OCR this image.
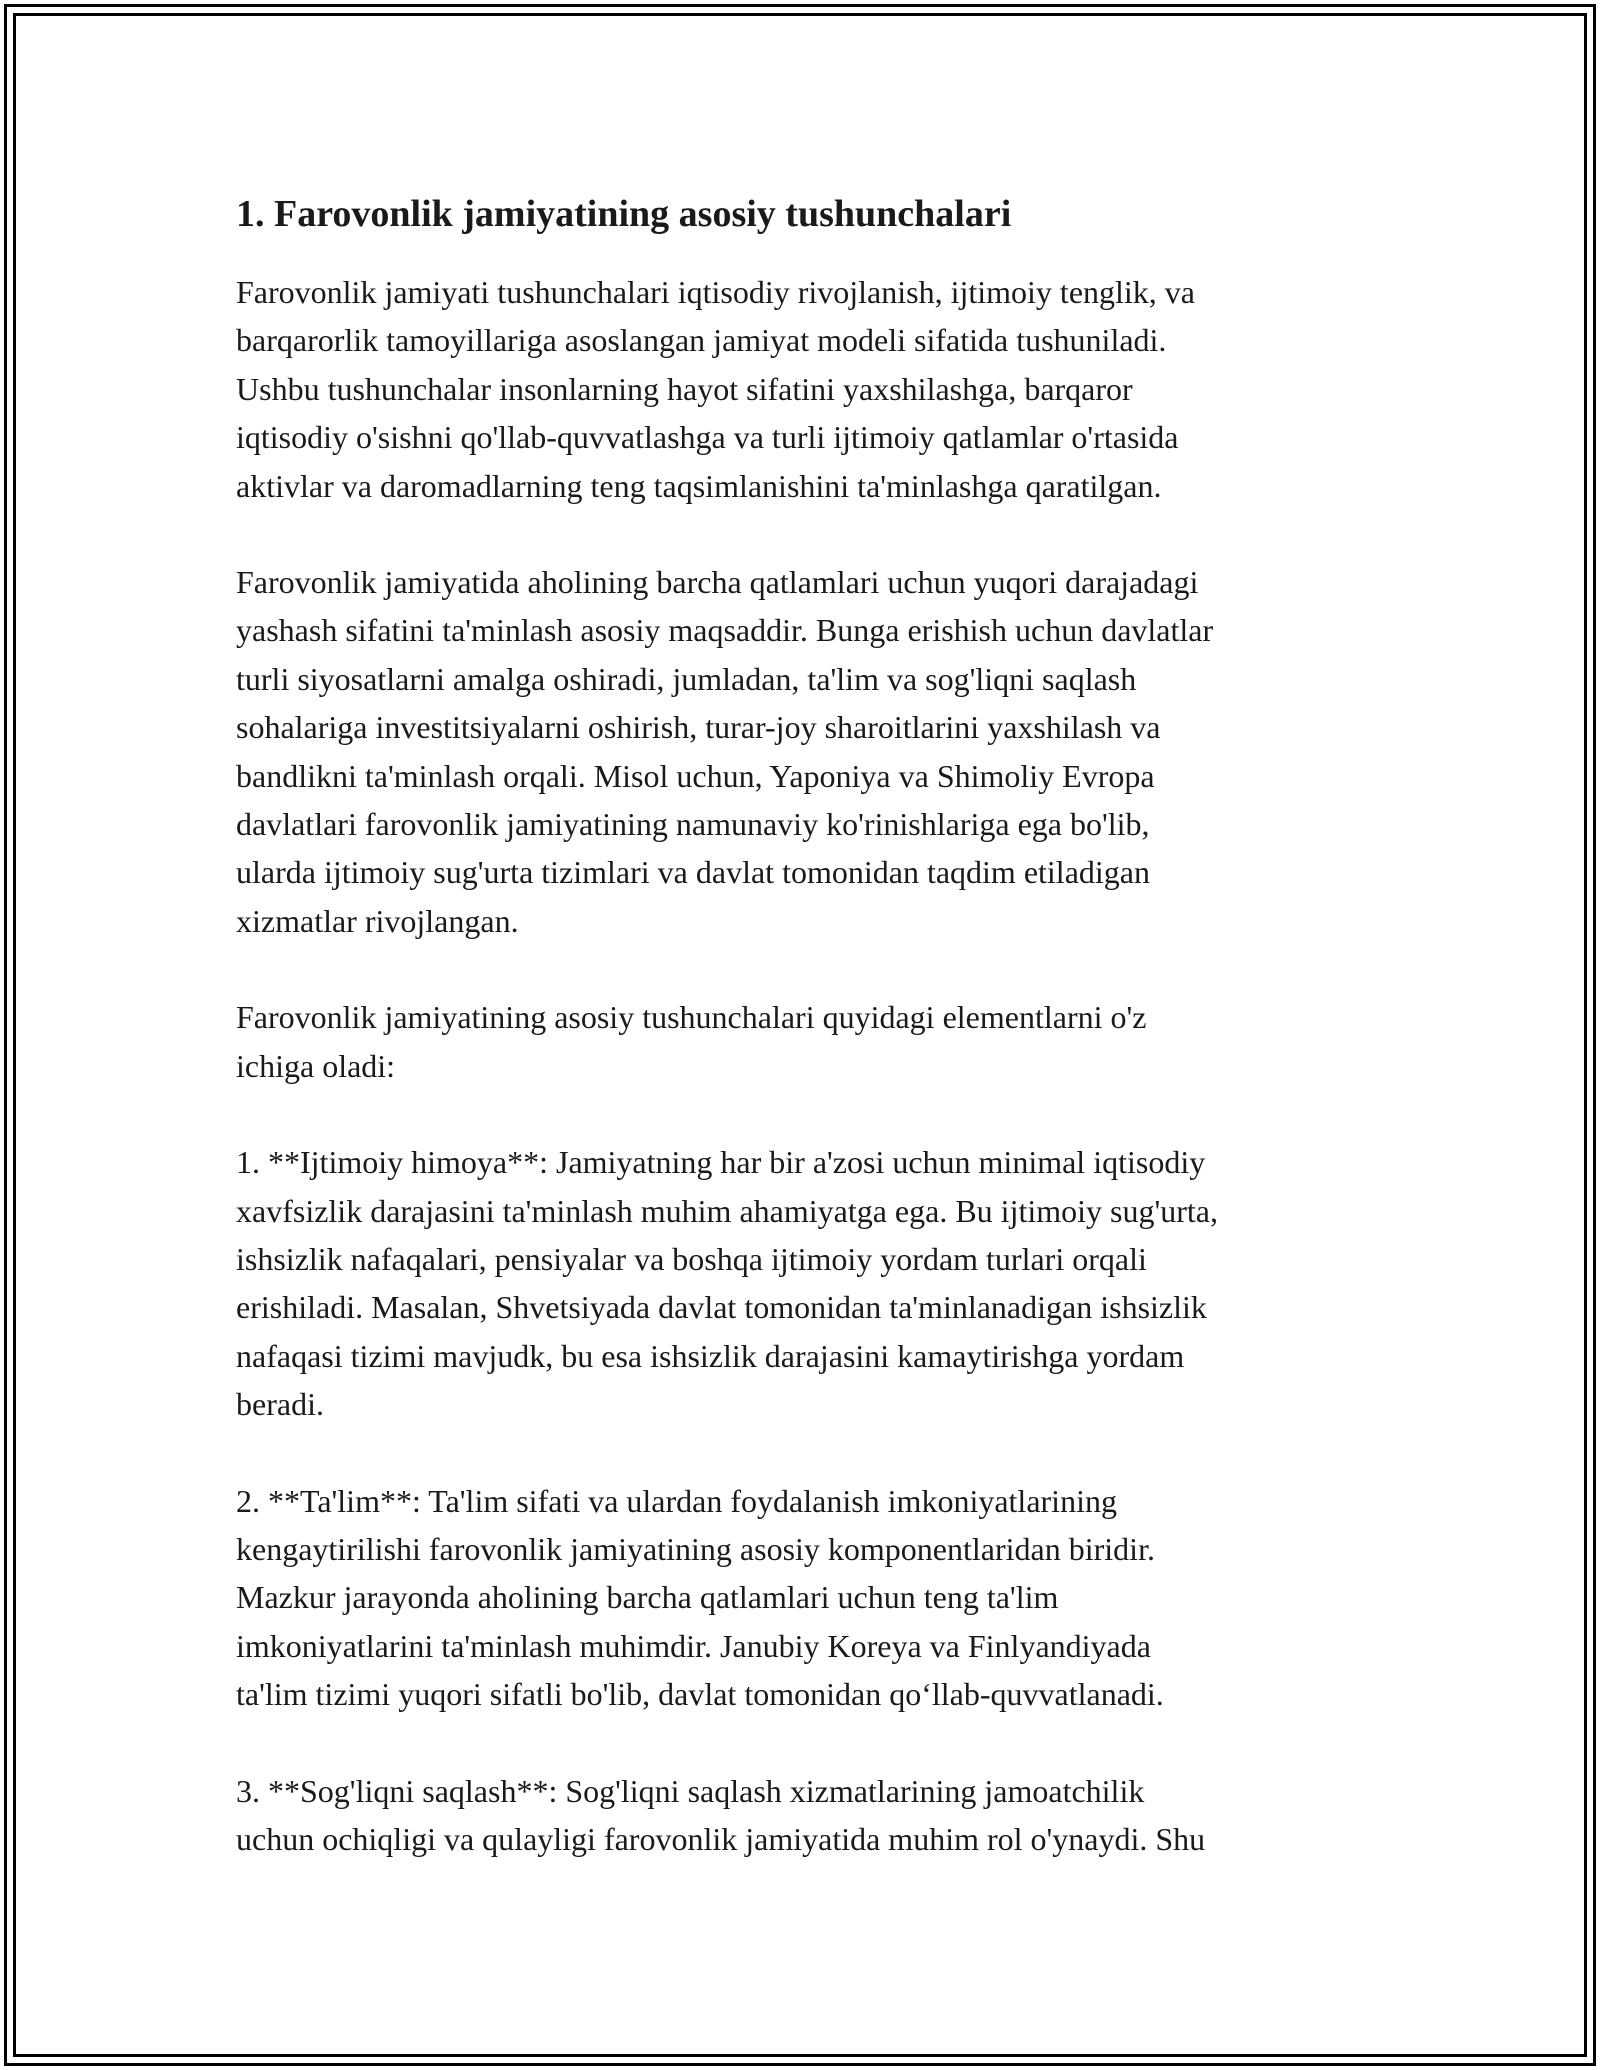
1. Farovonlik jamiyatining asosiy tushunchalari

Farovonlik jamiyati tushunchalari iqtisodiy rivojlanish, ijtimoiy tenglik, va
barqarorlik tamoyillariga asoslangan jamiyat modeli sifatida tushuniladi.
Ushbu tushunchalar insonlarning hayot sifatini yaxshilashga, barqaror
iqtisodiy o'sishni qo'llab-quvvatlashga va turli ijtimoiy qatlamlar o'rtasida
aktivlar va daromadlarning teng taqsimlanishini ta'minlashga qaratilgan.

Farovonlik jamiyatida aholining barcha qatlamlari uchun yuqori darajadagi
yashash sifatini ta'minlash asosiy maqsaddir. Bunga erishish uchun davlatlar
turli siyosatlarni amalga oshiradi, jumladan, ta'lim va sog'liqni saqlash
sohalariga investitsiyalarni oshirish, turar-joy sharoitlarini yaxshilash va
bandlikni ta'minlash orqali. Misol uchun, Yaponiya va Shimoliy Evropa
davlatlari farovonlik jamiyatining namunaviy ko'rinishlariga ega bo'lib,
ularda ijtimoiy sug'urta tizimlari va davlat tomonidan taqdim etiladigan
xizmatlar rivojlangan.

Farovonlik jamiyatining asosiy tushunchalari quyidagi elementlarni o'z
ichiga oladi:

1. **Ijtimoiy himoya**: Jamiyatning har bir a'zosi uchun minimal iqtisodiy
xavfsizlik darajasini ta'minlash muhim ahamiyatga ega. Bu ijtimoiy sug'urta,
ishsizlik nafaqalari, pensiyalar va boshqa ijtimoiy yordam turlari orqali
erishiladi. Masalan, Shvetsiyada davlat tomonidan ta'minlanadigan ishsizlik
nafaqasi tizimi mavjudk, bu esa ishsizlik darajasini kamaytirishga yordam
beradi.

2. **Ta'lim**: Ta'lim sifati va ulardan foydalanish imkoniyatlarining
kengaytirilishi farovonlik jamiyatining asosiy komponentlaridan biridir.
Mazkur jarayonda aholining barcha qatlamlari uchun teng ta'lim
imkoniyatlarini ta'minlash muhimdir. Janubiy Koreya va Finlyandiyada
ta'lim tizimi yuqori sifatli bo'lib, davlat tomonidan qo‘llab-quvvatlanadi.

3. **Sog'liqni saqlash**: Sog'liqni saqlash xizmatlarining jamoatchilik
uchun ochiqligi va qulayligi farovonlik jamiyatida muhim rol o'ynaydi. Shu
